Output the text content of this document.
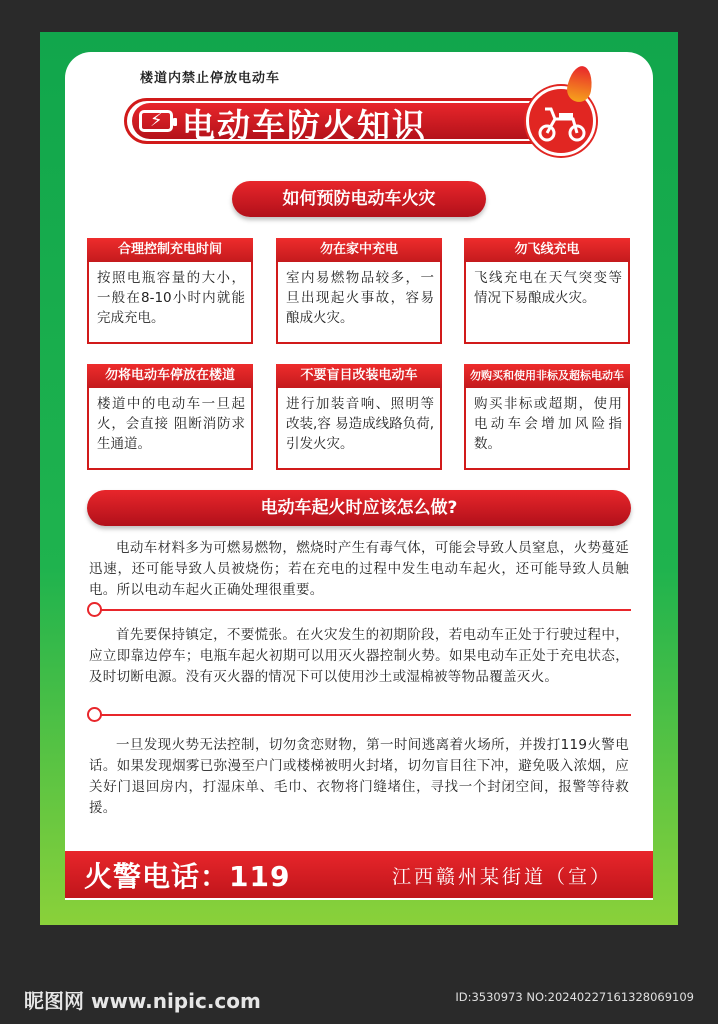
楼道内禁止停放电动车
⚡ 电动车防火知识
如何预防电动车火灾
合理控制充电时间
按照电瓶容量的大小，一般在8-10小时内就能完成充电。
勿在家中充电
室内易燃物品较多，一旦出现起火事故，容易酿成火灾。
勿飞线充电
飞线充电在天气突变等情况下易酿成火灾。
勿将电动车停放在楼道
楼道中的电动车一旦起火，会直接 阻断消防求生通道。
不要盲目改装电动车
进行加装音响、照明等改装,容 易造成线路负荷,引发火灾。
勿购买和使用非标及超标电动车
购买非标或超期，使用电动车会增加风险指数。
电动车起火时应该怎么做?
电动车材料多为可燃易燃物，燃烧时产生有毒气体，可能会导致人员窒息，火势蔓延迅速，还可能导致人员被烧伤；若在充电的过程中发生电动车起火，还可能导致人员触电。所以电动车起火正确处理很重要。
首先要保持镇定，不要慌张。在火灾发生的初期阶段，若电动车正处于行驶过程中，应立即靠边停车；电瓶车起火初期可以用灭火器控制火势。如果电动车正处于充电状态，及时切断电源。没有灭火器的情况下可以使用沙土或湿棉被等物品覆盖灭火。
一旦发现火势无法控制，切勿贪恋财物，第一时间逃离着火场所，并拨打119火警电话。如果发现烟雾已弥漫至户门或楼梯被明火封堵，切勿盲目往下冲，避免吸入浓烟，应关好门退回房内，打湿床单、毛巾、衣物将门缝堵住，寻找一个封闭空间，报警等待救援。
火警电话：119	江西赣州某街道（宣）
昵图网 www.nipic.com	ID:3530973 NO:20240227161328069109
